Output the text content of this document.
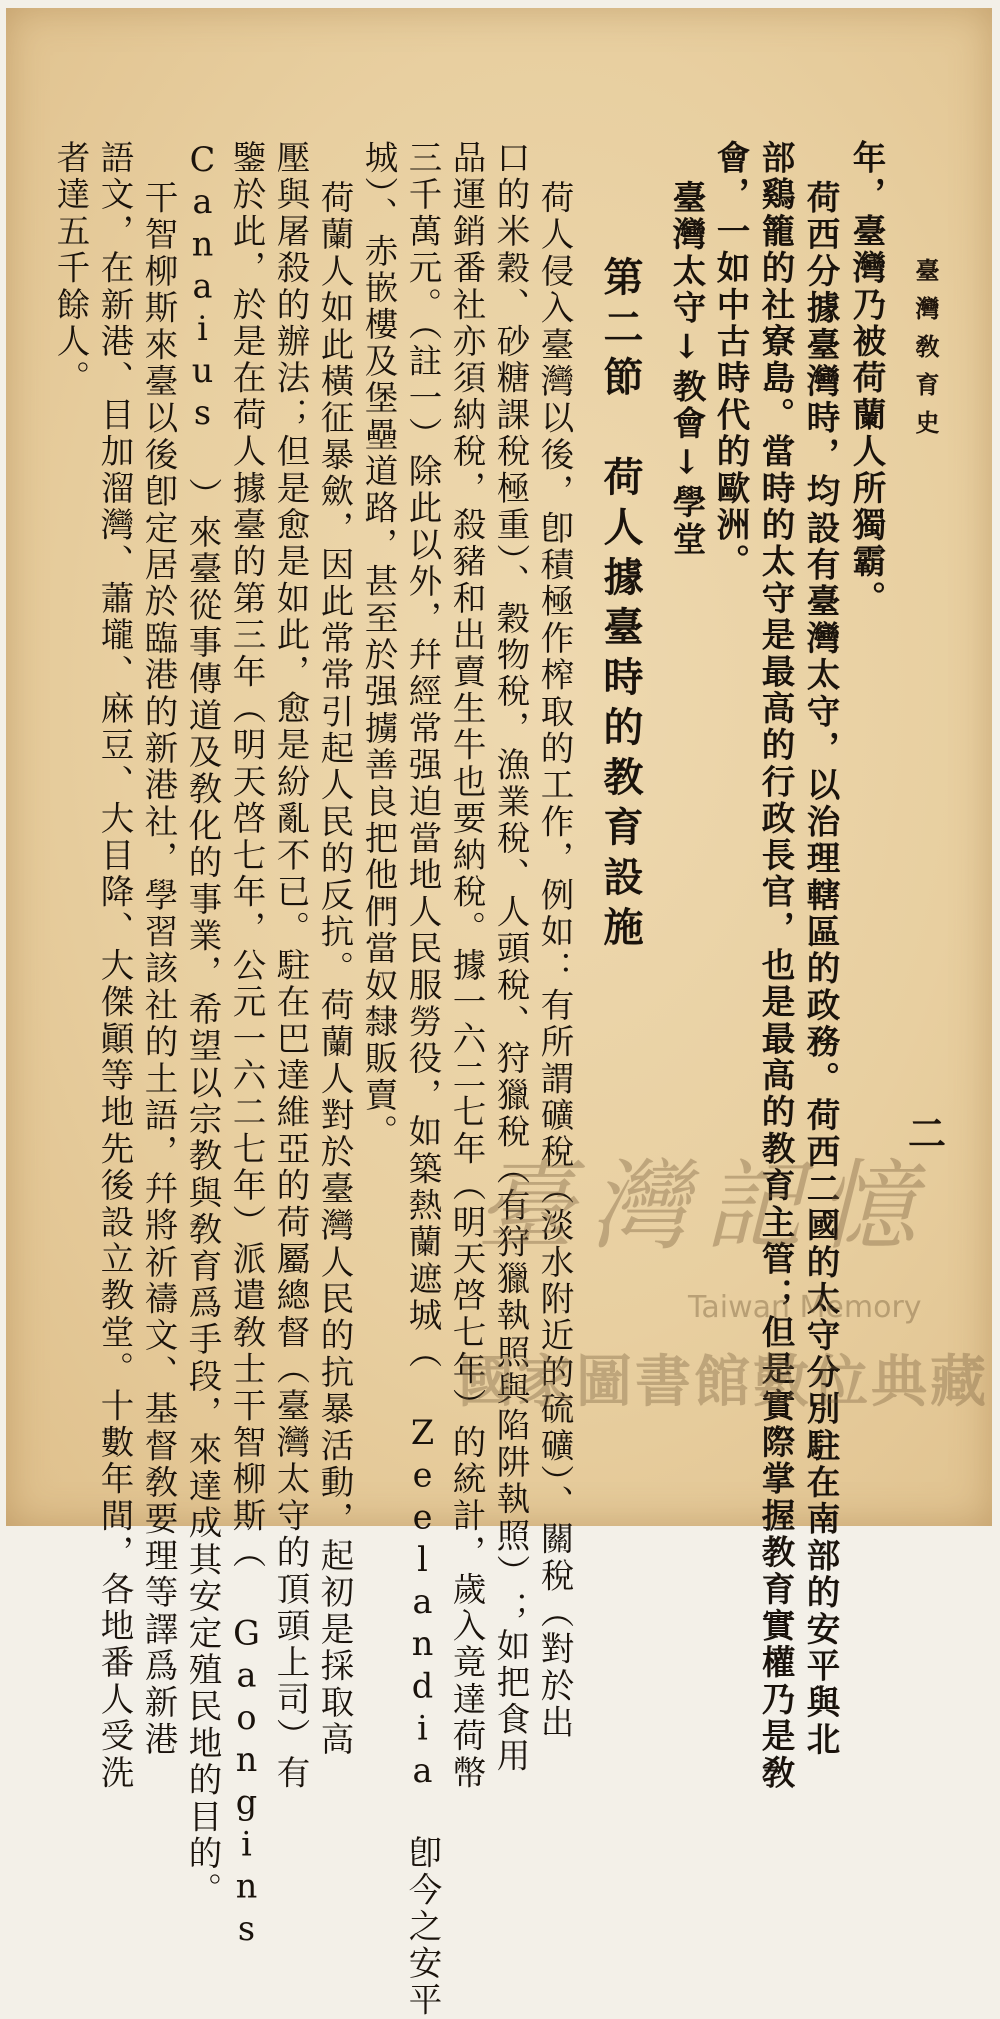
臺灣敎育史
二
年，臺灣乃被荷蘭人所獨霸。
荷西分據臺灣時，均設有臺灣太守，以治理轄區的政務。荷西二國的太守分別駐在南部的安平與北
部鷄籠的社寮島。當時的太守是最高的行政長官，也是最高的教育主管；但是實際掌握教育實權乃是敎
會，一如中古時代的歐洲。
臺灣太守↓教會↓學堂
第二節　荷人據臺時的教育設施
荷人侵入臺灣以後，卽積極作榨取的工作，例如：有所謂礦稅（淡水附近的硫礦）、關稅（對於出
口的米穀、砂糖課稅極重）、穀物稅，漁業稅、人頭稅、狩獵稅（有狩獵執照與陷阱執照）；如把食用
品運銷番社亦須納稅，殺豬和出賣生牛也要納稅。據一六二七年（明天啓七年）的統計，歲入竟達荷幣
三千萬元。（註一）除此以外，幷經常强迫當地人民服勞役，如築熱蘭遮城（ Zeelandia 卽今之安平
城）、赤嵌樓及堡壘道路，甚至於强擄善良把他們當奴隸販賣。
荷蘭人如此橫征暴歛，因此常常引起人民的反抗。荷蘭人對於臺灣人民的抗暴活動，起初是採取高
壓與屠殺的辦法；但是愈是如此，愈是紛亂不已。駐在巴達維亞的荷屬總督（臺灣太守的頂頭上司）有
鑒於此，於是在荷人據臺的第三年（明天啓七年，公元一六二七年）派遣敎士干智柳斯（ Gaongins
Canaius ）來臺從事傳道及敎化的事業，希望以宗教與敎育爲手段，來達成其安定殖民地的目的。
干智柳斯來臺以後卽定居於臨港的新港社，學習該社的土語，幷將祈禱文、基督敎要理等譯爲新港
語文，在新港、目加溜灣、蕭壠、麻豆、大目降、大傑顚等地先後設立教堂。十數年間，各地番人受洗
者達五千餘人。
臺灣記憶
Taiwan Memory
國家圖書館數位典藏
